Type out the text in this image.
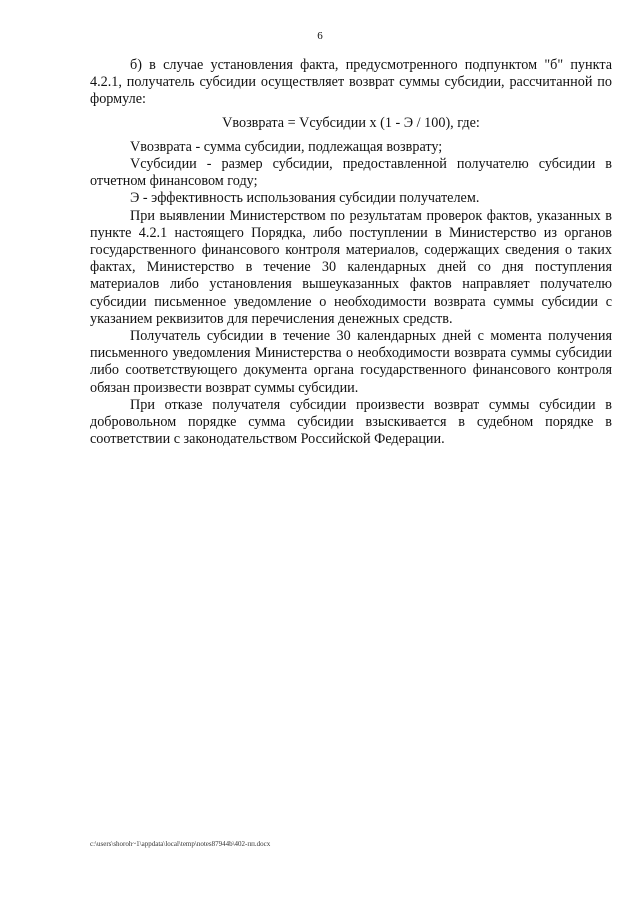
6

б) в случае установления факта, предусмотренного подпунктом "б" пункта 4.2.1, получатель субсидии осуществляет возврат суммы субсидии, рассчитанной по формуле:

Vвозврата = Vсубсидии x (1 - Э / 100), где:

Vвозврата - сумма субсидии, подлежащая возврату;

Vсубсидии - размер субсидии, предоставленной получателю субсидии в отчетном финансовом году;

Э - эффективность использования субсидии получателем.

При выявлении Министерством по результатам проверок фактов, указанных в пункте 4.2.1 настоящего Порядка, либо поступлении в Министерство из органов государственного финансового контроля материалов, содержащих сведения о таких фактах, Министерство в течение 30 календарных дней со дня поступления материалов либо установления вышеуказанных фактов направляет получателю субсидии письменное уведомление о необходимости возврата суммы субсидии с указанием реквизитов для перечисления денежных средств.

Получатель субсидии в течение 30 календарных дней с момента получения письменного уведомления Министерства о необходимости возврата суммы субсидии либо соответствующего документа органа государственного финансового контроля обязан произвести возврат суммы субсидии.

При отказе получателя субсидии произвести возврат суммы субсидии в добровольном порядке сумма субсидии взыскивается в судебном порядке в соответствии с законодательством Российской Федерации.

c:\users\shoroh~1\appdata\local\temp\notes87944b\402-пп.docx
